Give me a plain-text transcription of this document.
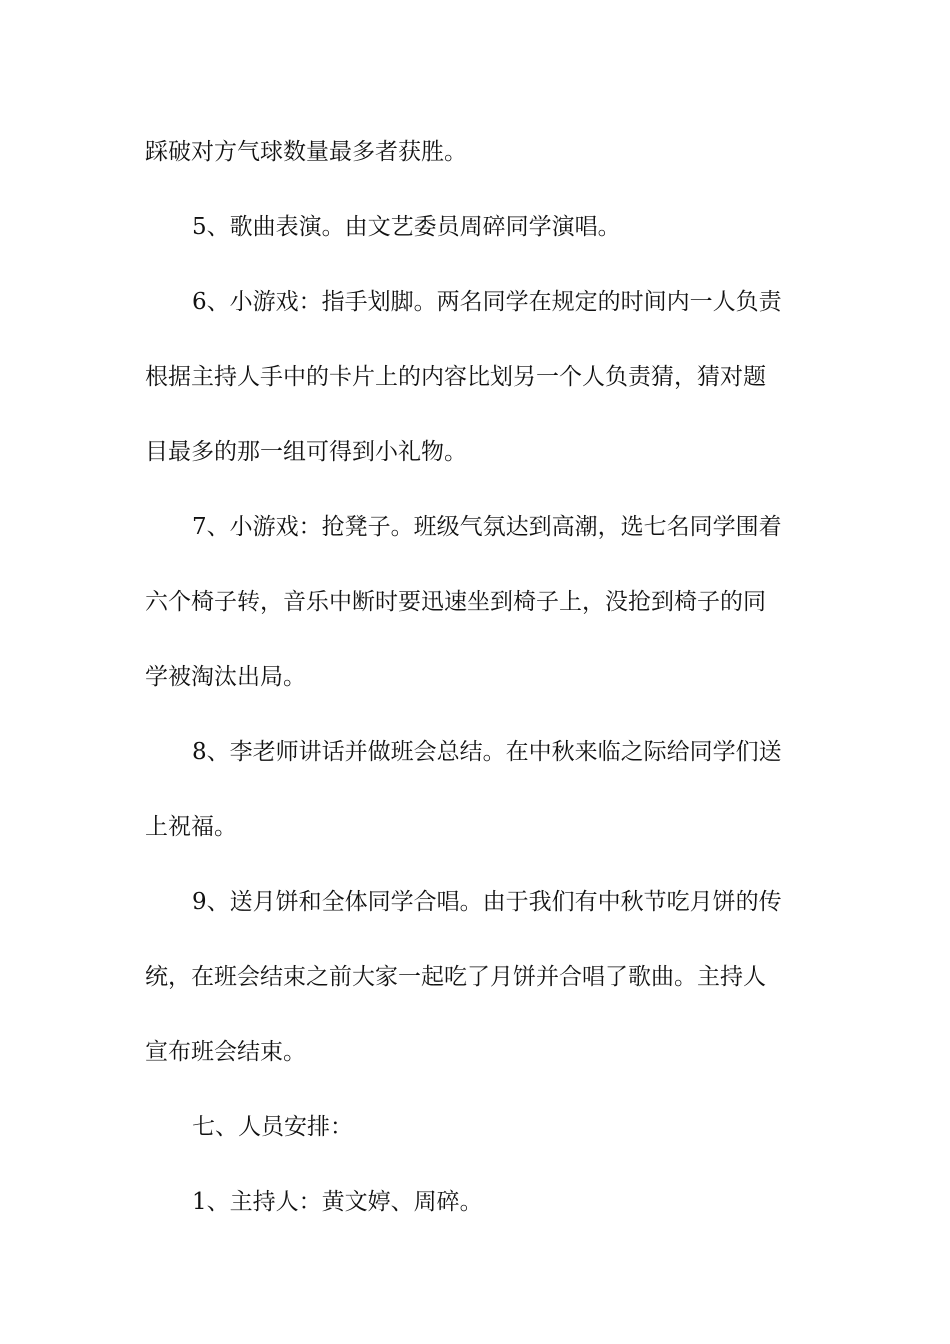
踩破对方气球数量最多者获胜。
5、歌曲表演。由文艺委员周碎同学演唱。
6、小游戏：指手划脚。两名同学在规定的时间内一人负责
根据主持人手中的卡片上的内容比划另一个人负责猜，猜对题
目最多的那一组可得到小礼物。
7、小游戏：抢凳子。班级气氛达到高潮，选七名同学围着
六个椅子转，音乐中断时要迅速坐到椅子上，没抢到椅子的同
学被淘汰出局。
8、李老师讲话并做班会总结。在中秋来临之际给同学们送
上祝福。
9、送月饼和全体同学合唱。由于我们有中秋节吃月饼的传
统，在班会结束之前大家一起吃了月饼并合唱了歌曲。主持人
宣布班会结束。
七、人员安排：
1、主持人：黄文婷、周碎。
